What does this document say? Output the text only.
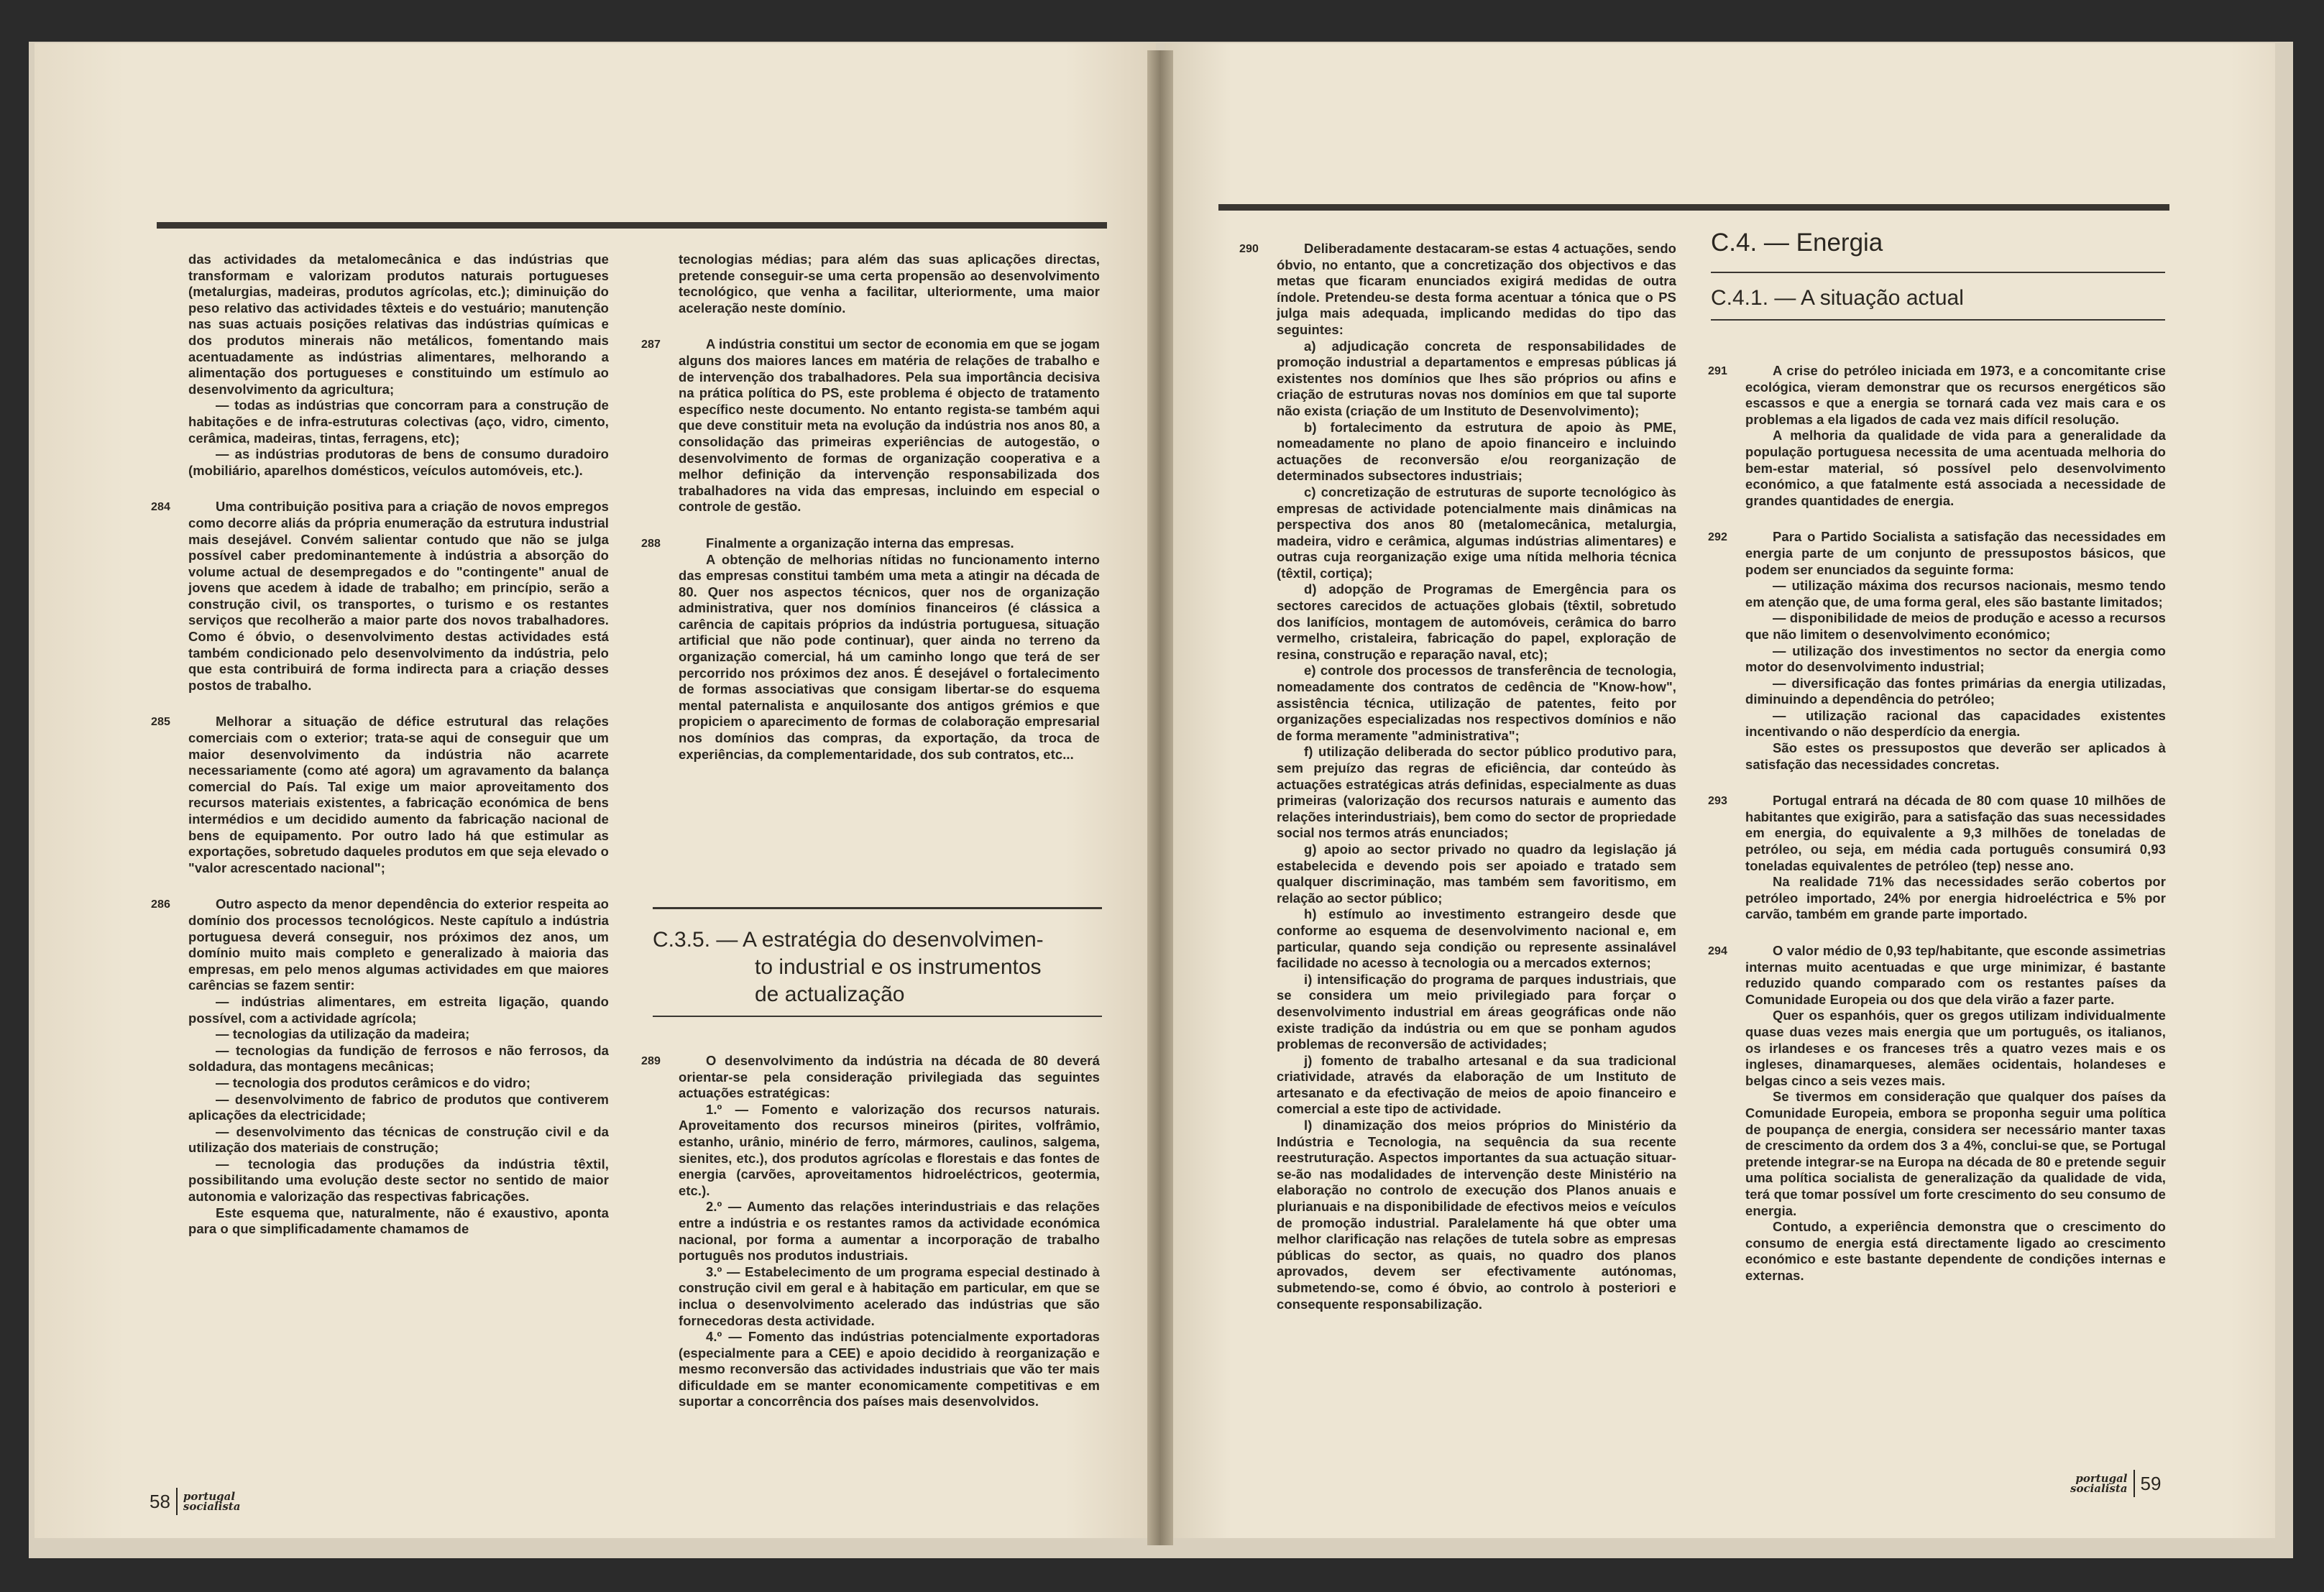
das actividades da metalomecânica e das indústrias que transformam e valorizam produtos naturais portugueses (metalurgias, madeiras, produtos agrícolas, etc.); diminuição do peso relativo das actividades têxteis e do vestuário; manutenção nas suas actuais posições relativas das indústrias químicas e dos produtos minerais não metálicos, fomentando mais acentuadamente as indústrias alimentares, melhorando a alimentação dos portugueses e constituindo um estímulo ao desenvolvimento da agricultura;

— todas as indústrias que concorram para a construção de habitações e de infra-estruturas colectivas (aço, vidro, cimento, cerâmica, madeiras, tintas, ferragens, etc);

— as indústrias produtoras de bens de consumo duradoiro (mobiliário, aparelhos domésticos, veículos automóveis, etc.).

284	Uma contribuição positiva para a criação de novos empregos como decorre aliás da própria enumeração da estrutura industrial mais desejável. Convém salientar contudo que não se julga possível caber predominantemente à indústria a absorção do volume actual de desempregados e do "contingente" anual de jovens que acedem à idade de trabalho; em princípio, serão a construção civil, os transportes, o turismo e os restantes serviços que recolherão a maior parte dos novos trabalhadores. Como é óbvio, o desenvolvimento destas actividades está também condicionado pelo desenvolvimento da indústria, pelo que esta contribuirá de forma indirecta para a criação desses postos de trabalho.

285	Melhorar a situação de défice estrutural das relações comerciais com o exterior; trata-se aqui de conseguir que um maior desenvolvimento da indústria não acarrete necessariamente (como até agora) um agravamento da balança comercial do País. Tal exige um maior aproveitamento dos recursos materiais existentes, a fabricação económica de bens intermédios e um decidido aumento da fabricação nacional de bens de equipamento. Por outro lado há que estimular as exportações, sobretudo daqueles produtos em que seja elevado o "valor acrescentado nacional";

286	Outro aspecto da menor dependência do exterior respeita ao domínio dos processos tecnológicos. Neste capítulo a indústria portuguesa deverá conseguir, nos próximos dez anos, um domínio muito mais completo e generalizado à maioria das empresas, em pelo menos algumas actividades em que maiores carências se fazem sentir:

— indústrias alimentares, em estreita ligação, quando possível, com a actividade agrícola;

— tecnologias da utilização da madeira;

— tecnologias da fundição de ferrosos e não ferrosos, da soldadura, das montagens mecânicas;

— tecnologia dos produtos cerâmicos e do vidro;

— desenvolvimento de fabrico de produtos que contiverem aplicações da electricidade;

— desenvolvimento das técnicas de construção civil e da utilização dos materiais de construção;

— tecnologia das produções da indústria têxtil, possibilitando uma evolução deste sector no sentido de maior autonomia e valorização das respectivas fabricações.

Este esquema que, naturalmente, não é exaustivo, aponta para o que simplificadamente chamamos de

tecnologias médias; para além das suas aplicações directas, pretende conseguir-se uma certa propensão ao desenvolvimento tecnológico, que venha a facilitar, ulteriormente, uma maior aceleração neste domínio.

287	A indústria constitui um sector de economia em que se jogam alguns dos maiores lances em matéria de relações de trabalho e de intervenção dos trabalhadores. Pela sua importância decisiva na prática política do PS, este problema é objecto de tratamento específico neste documento. No entanto regista-se também aqui que deve constituir meta na evolução da indústria nos anos 80, a consolidação das primeiras experiências de autogestão, o desenvolvimento de formas de organização cooperativa e a melhor definição da intervenção responsabilizada dos trabalhadores na vida das empresas, incluindo em especial o controle de gestão.

288	Finalmente a organização interna das empresas.

A obtenção de melhorias nítidas no funcionamento interno das empresas constitui também uma meta a atingir na década de 80. Quer nos aspectos técnicos, quer nos de organização administrativa, quer nos domínios financeiros (é clássica a carência de capitais próprios da indústria portuguesa, situação artificial que não pode continuar), quer ainda no terreno da organização comercial, há um caminho longo que terá de ser percorrido nos próximos dez anos. É desejável o fortalecimento de formas associativas que consigam libertar-se do esquema mental paternalista e anquilosante dos antigos grémios e que propiciem o aparecimento de formas de colaboração empresarial nos domínios das compras, da exportação, da troca de experiências, da complementaridade, dos sub contratos, etc...

C.3.5. — A estratégia do desenvolvimen-
to industrial e os instrumentos
de actualização
289	O desenvolvimento da indústria na década de 80 deverá orientar-se pela consideração privilegiada das seguintes actuações estratégicas:

1.º — Fomento e valorização dos recursos naturais. Aproveitamento dos recursos mineiros (pirites, volfrâmio, estanho, urânio, minério de ferro, mármores, caulinos, salgema, sienites, etc.), dos produtos agrícolas e florestais e das fontes de energia (carvões, aproveitamentos hidroeléctricos, geotermia, etc.).

2.º — Aumento das relações interindustriais e das relações entre a indústria e os restantes ramos da actividade económica nacional, por forma a aumentar a incorporação de trabalho português nos produtos industriais.

3.º — Estabelecimento de um programa especial destinado à construção civil em geral e à habitação em particular, em que se inclua o desenvolvimento acelerado das indústrias que são fornecedoras desta actividade.

4.º — Fomento das indústrias potencialmente exportadoras (especialmente para a CEE) e apoio decidido à reorganização e mesmo reconversão das actividades industriais que vão ter mais dificuldade em se manter economicamente competitivas e em suportar a concorrência dos países mais desenvolvidos.

290	Deliberadamente destacaram-se estas 4 actuações, sendo óbvio, no entanto, que a concretização dos objectivos e das metas que ficaram enunciados exigirá medidas de outra índole. Pretendeu-se desta forma acentuar a tónica que o PS julga mais adequada, implicando medidas do tipo das seguintes:

a) adjudicação concreta de responsabilidades de promoção industrial a departamentos e empresas públicas já existentes nos domínios que lhes são próprios ou afins e criação de estruturas novas nos domínios em que tal suporte não exista (criação de um Instituto de Desenvolvimento);

b) fortalecimento da estrutura de apoio às PME, nomeadamente no plano de apoio financeiro e incluindo actuações de reconversão e/ou reorganização de determinados subsectores industriais;

c) concretização de estruturas de suporte tecnológico às empresas de actividade potencialmente mais dinâmicas na perspectiva dos anos 80 (metalomecânica, metalurgia, madeira, vidro e cerâmica, algumas indústrias alimentares) e outras cuja reorganização exige uma nítida melhoria técnica (têxtil, cortiça);

d) adopção de Programas de Emergência para os sectores carecidos de actuações globais (têxtil, sobretudo dos lanifícios, montagem de automóveis, cerâmica do barro vermelho, cristaleira, fabricação do papel, exploração de resina, construção e reparação naval, etc);

e) controle dos processos de transferência de tecnologia, nomeadamente dos contratos de cedência de "Know-how", assistência técnica, utilização de patentes, feito por organizações especializadas nos respectivos domínios e não de forma meramente "administrativa";

f) utilização deliberada do sector público produtivo para, sem prejuízo das regras de eficiência, dar conteúdo às actuações estratégicas atrás definidas, especialmente as duas primeiras (valorização dos recursos naturais e aumento das relações interindustriais), bem como do sector de propriedade social nos termos atrás enunciados;

g) apoio ao sector privado no quadro da legislação já estabelecida e devendo pois ser apoiado e tratado sem qualquer discriminação, mas também sem favoritismo, em relação ao sector público;

h) estímulo ao investimento estrangeiro desde que conforme ao esquema de desenvolvimento nacional e, em particular, quando seja condição ou represente assinalável facilidade no acesso à tecnologia ou a mercados externos;

i) intensificação do programa de parques industriais, que se considera um meio privilegiado para forçar o desenvolvimento industrial em áreas geográficas onde não existe tradição da indústria ou em que se ponham agudos problemas de reconversão de actividades;

j) fomento de trabalho artesanal e da sua tradicional criatividade, através da elaboração de um Instituto de artesanato e da efectivação de meios de apoio financeiro e comercial a este tipo de actividade.

l) dinamização dos meios próprios do Ministério da Indústria e Tecnologia, na sequência da sua recente reestruturação. Aspectos importantes da sua actuação situar-se-ão nas modalidades de intervenção deste Ministério na elaboração no controlo de execução dos Planos anuais e plurianuais e na disponibilidade de efectivos meios e veículos de promoção industrial. Paralelamente há que obter uma melhor clarificação nas relações de tutela sobre as empresas públicas do sector, as quais, no quadro dos planos aprovados, devem ser efectivamente autónomas, submetendo-se, como é óbvio, ao controlo à posteriori e consequente responsabilização.

C.4. — Energia
C.4.1. — A situação actual
291	A crise do petróleo iniciada em 1973, e a concomitante crise ecológica, vieram demonstrar que os recursos energéticos são escassos e que a energia se tornará cada vez mais cara e os problemas a ela ligados de cada vez mais difícil resolução.

A melhoria da qualidade de vida para a generalidade da população portuguesa necessita de uma acentuada melhoria do bem-estar material, só possível pelo desenvolvimento económico, a que fatalmente está associada a necessidade de grandes quantidades de energia.

292	Para o Partido Socialista a satisfação das necessidades em energia parte de um conjunto de pressupostos básicos, que podem ser enunciados da seguinte forma:

— utilização máxima dos recursos nacionais, mesmo tendo em atenção que, de uma forma geral, eles são bastante limitados;

— disponibilidade de meios de produção e acesso a recursos que não limitem o desenvolvimento económico;

— utilização dos investimentos no sector da energia como motor do desenvolvimento industrial;

— diversificação das fontes primárias da energia utilizadas, diminuindo a dependência do petróleo;

— utilização racional das capacidades existentes incentivando o não desperdício da energia.

São estes os pressupostos que deverão ser aplicados à satisfação das necessidades concretas.

293	Portugal entrará na década de 80 com quase 10 milhões de habitantes que exigirão, para a satisfação das suas necessidades em energia, do equivalente a 9,3 milhões de toneladas de petróleo, ou seja, em média cada português consumirá 0,93 toneladas equivalentes de petróleo (tep) nesse ano.

Na realidade 71% das necessidades serão cobertos por petróleo importado, 24% por energia hidroeléctrica e 5% por carvão, também em grande parte importado.

294	O valor médio de 0,93 tep/habitante, que esconde assimetrias internas muito acentuadas e que urge minimizar, é bastante reduzido quando comparado com os restantes países da Comunidade Europeia ou dos que dela virão a fazer parte.

Quer os espanhóis, quer os gregos utilizam individualmente quase duas vezes mais energia que um português, os italianos, os irlandeses e os franceses três a quatro vezes mais e os ingleses, dinamarqueses, alemães ocidentais, holandeses e belgas cinco a seis vezes mais.

Se tivermos em consideração que qualquer dos países da Comunidade Europeia, embora se proponha seguir uma política de poupança de energia, considera ser necessário manter taxas de crescimento da ordem dos 3 a 4%, conclui-se que, se Portugal pretende integrar-se na Europa na década de 80 e pretende seguir uma política socialista de generalização da qualidade de vida, terá que tomar possível um forte crescimento do seu consumo de energia.

Contudo, a experiência demonstra que o crescimento do consumo de energia está directamente ligado ao crescimento económico e este bastante dependente de condições internas e externas.

58 portugal
socialista
portugal
socialista 59
